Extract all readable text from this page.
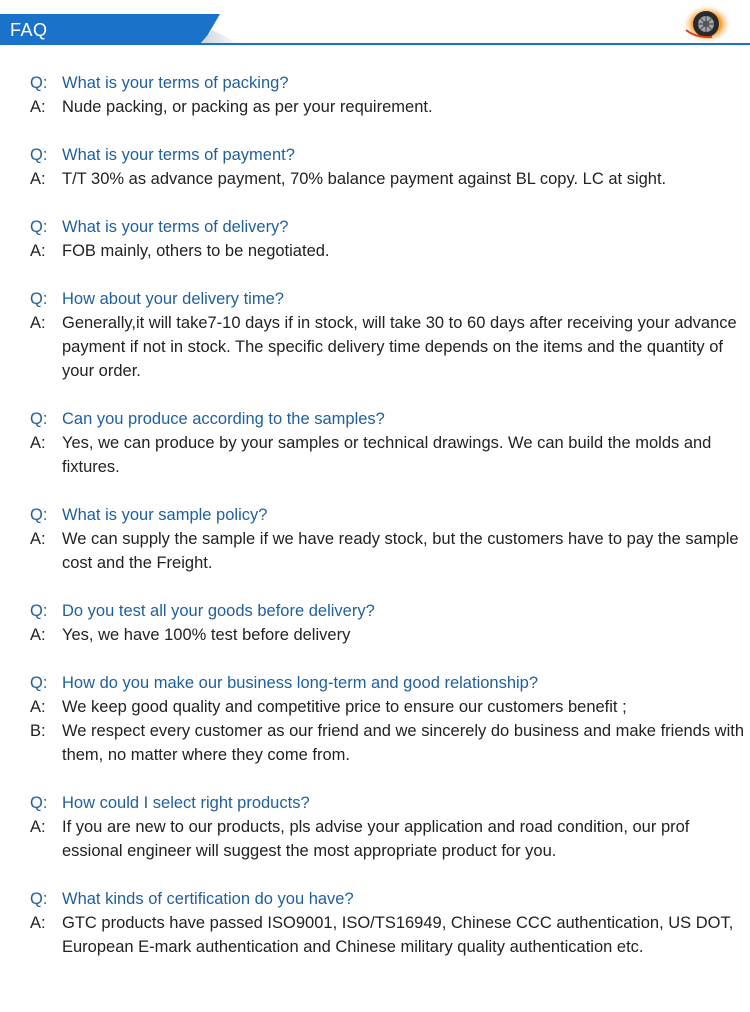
FAQ
Q: What is your terms of packing?
A: Nude packing, or packing as per your requirement.
Q: What is your terms of payment?
A: T/T 30% as advance payment, 70% balance payment against BL copy. LC at sight.
Q: What is your terms of delivery?
A: FOB mainly, others to be negotiated.
Q: How about your delivery time?
A: Generally,it will take7-10 days if in stock, will take 30 to 60 days after receiving your advance payment if not in stock. The specific delivery time depends on the items and the quantity of your order.
Q: Can you produce according to the samples?
A: Yes, we can produce by your samples or technical drawings. We can build the molds and fixtures.
Q: What is your sample policy?
A: We can supply the sample if we have ready stock, but the customers have to pay the sample cost and the Freight.
Q: Do you test all your goods before delivery?
A: Yes, we have 100% test before delivery
Q: How do you make our business long-term and good relationship?
A: We keep good quality and competitive price to ensure our customers benefit ;
B: We respect every customer as our friend and we sincerely do business and make friends with them, no matter where they come from.
Q: How could I select right products?
A: If you are new to our products, pls advise your application and road condition, our prof essional engineer will suggest the most appropriate product for you.
Q: What kinds of certification do you have?
A: GTC products have passed ISO9001, ISO/TS16949, Chinese CCC authentication, US DOT, European E-mark authentication and Chinese military quality authentication etc.
